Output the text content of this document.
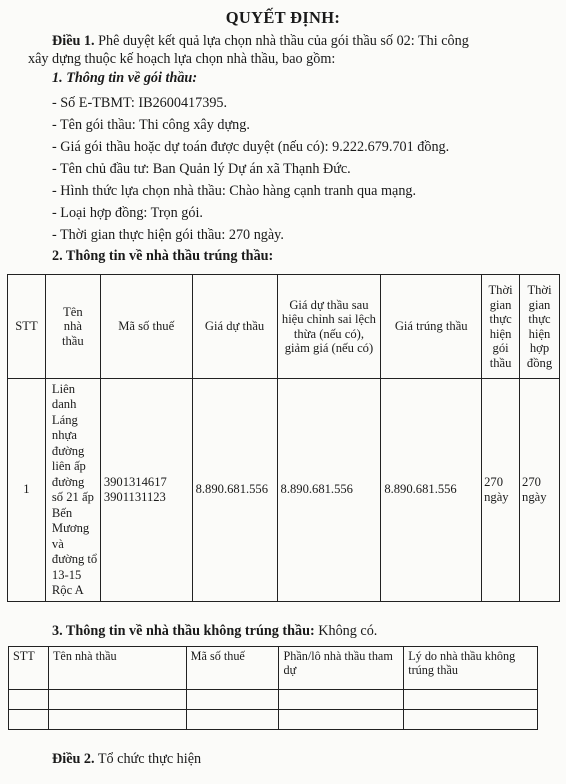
QUYẾT ĐỊNH:
Điều 1. Phê duyệt kết quả lựa chọn nhà thầu của gói thầu số 02: Thi công
xây dựng thuộc kế hoạch lựa chọn nhà thầu, bao gồm:
1. Thông tin về gói thầu:
- Số E-TBMT: IB2600417395.
- Tên gói thầu: Thi công xây dựng.
- Giá gói thầu hoặc dự toán được duyệt (nếu có): 9.222.679.701 đồng.
- Tên chủ đầu tư: Ban Quản lý Dự án xã Thạnh Đức.
- Hình thức lựa chọn nhà thầu: Chào hàng cạnh tranh qua mạng.
- Loại hợp đồng: Trọn gói.
- Thời gian thực hiện gói thầu: 270 ngày.
2. Thông tin về nhà thầu trúng thầu:
STT	Tên nhà thầu	Mã số thuế	Giá dự thầu	Giá dự thầu sau hiệu chỉnh sai lệch thừa (nếu có), giảm giá (nếu có)	Giá trúng thầu	Thời gian thực hiện gói thầu	Thời gian thực hiện hợp đồng
1	Liên danh Láng nhựa đường liên ấp đường số 21 ấp Bến Mương và đường tổ 13-15 Rộc A	3901314617
3901131123	8.890.681.556	8.890.681.556	8.890.681.556	270 ngày	270 ngày
3. Thông tin về nhà thầu không trúng thầu: Không có.
STT	Tên nhà thầu	Mã số thuế	Phần/lô nhà thầu tham dự	Lý do nhà thầu không trúng thầu

Điều 2. Tổ chức thực hiện
